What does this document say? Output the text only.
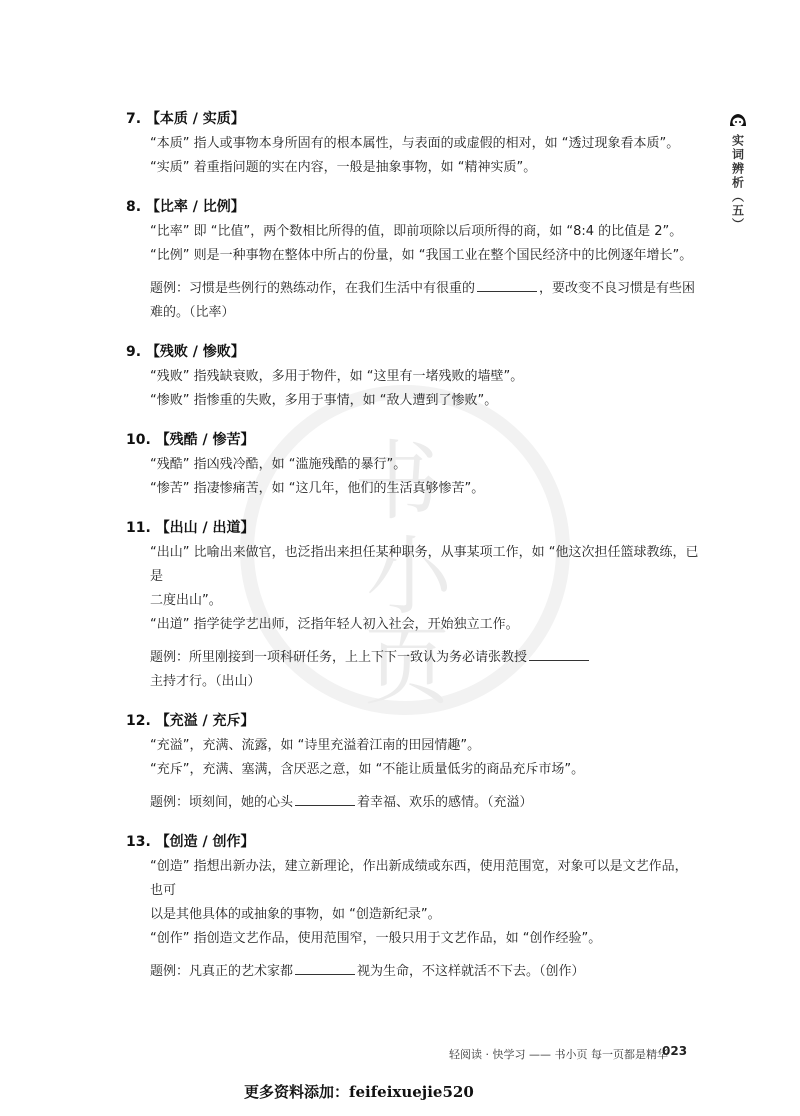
书
小
页
实词辨析（五）
7. 【本质 / 实质】
“本质” 指人或事物本身所固有的根本属性，与表面的或虚假的相对，如 “透过现象看本质”。
“实质” 着重指问题的实在内容，一般是抽象事物，如 “精神实质”。
8. 【比率 / 比例】
“比率” 即 “比值”，两个数相比所得的值，即前项除以后项所得的商，如 “8:4 的比值是 2”。
“比例” 则是一种事物在整体中所占的份量，如 “我国工业在整个国民经济中的比例逐年增长”。
题例：习惯是些例行的熟练动作，在我们生活中有很重的	，要改变不良习惯是有些困
难的。（比率）
9. 【残败 / 惨败】
“残败” 指残缺衰败，多用于物件，如 “这里有一堵残败的墙壁”。
“惨败” 指惨重的失败，多用于事情，如 “敌人遭到了惨败”。
10. 【残酷 / 惨苦】
“残酷” 指凶残冷酷，如 “滥施残酷的暴行”。
“惨苦” 指凄惨痛苦，如 “这几年，他们的生活真够惨苦”。
11. 【出山 / 出道】
“出山” 比喻出来做官，也泛指出来担任某种职务，从事某项工作，如 “他这次担任篮球教练，已是
二度出山”。
“出道” 指学徒学艺出师，泛指年轻人初入社会，开始独立工作。
题例：所里刚接到一项科研任务，上上下下一致认为务必请张教授主持才行。（出山）
12. 【充溢 / 充斥】
“充溢”，充满、流露，如 “诗里充溢着江南的田园情趣”。
“充斥”，充满、塞满，含厌恶之意，如 “不能让质量低劣的商品充斥市场”。
题例：顷刻间，她的心头	着幸福、欢乐的感情。（充溢）
13. 【创造 / 创作】
“创造” 指想出新办法，建立新理论，作出新成绩或东西，使用范围宽，对象可以是文艺作品，也可
以是其他具体的或抽象的事物，如 “创造新纪录”。
“创作” 指创造文艺作品，使用范围窄，一般只用于文艺作品，如 “创作经验”。
题例：凡真正的艺术家都	视为生命，不这样就活不下去。（创作）
轻阅读 · 快学习 —— 书小页 每一页都是精华
023
更多资料添加：feifeixuejie520
